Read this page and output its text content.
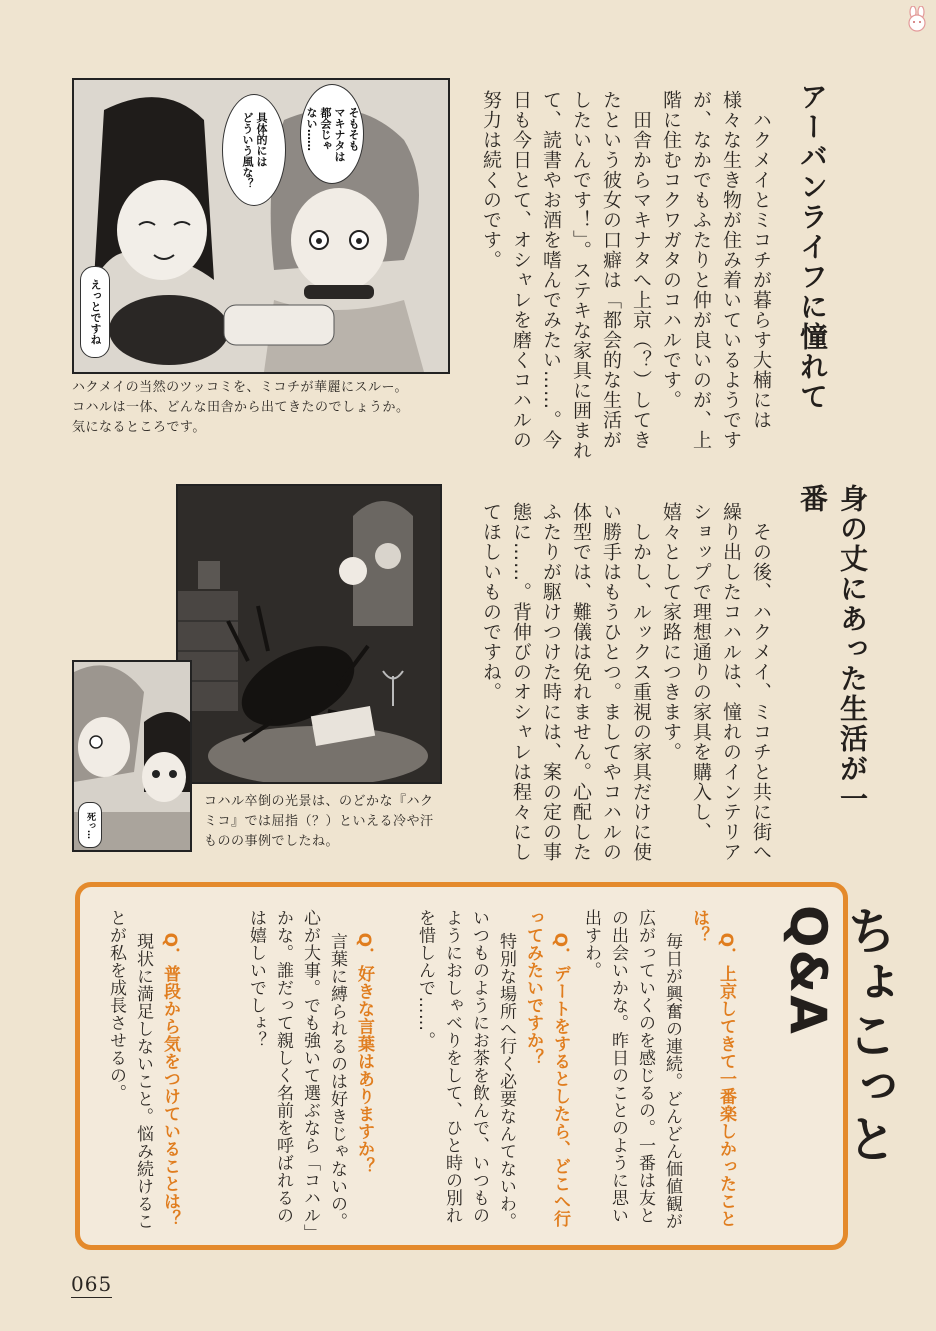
アーバンライフに憧れて
　ハクメイとミコチが暮らす大楠には様々な生き物が住み着いているようですが、なかでもふたりと仲が良いのが、上階に住むコクワガタのコハルです。
　田舎からマキナタへ上京（？）してきたという彼女の口癖は「都会的な生活がしたいんです！」。ステキな家具に囲まれて、読書やお酒を嗜んでみたい……。今日も今日とて、オシャレを磨くコハルの努力は続くのです。
そもそも
マキナタは
都会じゃ
ない……
具体的には
どういう風な？
えっとですね
ハクメイの当然のツッコミを、ミコチが華麗にスルー。
コハルは一体、どんな田舎から出てきたのでしょうか。
気になるところです。
身の丈にあった生活が一番
　その後、ハクメイ、ミコチと共に街へ繰り出したコハルは、憧れのインテリアショップで理想通りの家具を購入し、嬉々として家路につきます。
　しかし、ルックス重視の家具だけに使い勝手はもうひとつ。ましてやコハルの体型では、難儀は免れません。心配したふたりが駆けつけた時には、案の定の事態に……。背伸びのオシャレは程々にしてほしいものですね。
死っ…
コハル卒倒の光景は、のどかな『ハクミコ』では屈指（？）といえる冷や汗ものの事例でしたね。
ちょこっとQ&A

Q．上京してきて一番楽しかったことは？
毎日が興奮の連続。どんどん価値観が広がっていくのを感じるの。一番は友との出会いかな。昨日のことのように思い出すわ。

Q．デートをするとしたら、どこへ行ってみたいですか？
特別な場所へ行く必要なんてないわ。いつものようにお茶を飲んで、いつものようにおしゃべりをして、ひと時の別れを惜しんで……。

Q．好きな言葉はありますか？
言葉に縛られるのは好きじゃないの。心が大事。でも強いて選ぶなら「コハル」かな。誰だって親しく名前を呼ばれるのは嬉しいでしょ？

Q．普段から気をつけていることは？
現状に満足しないこと。悩み続けることが私を成長させるの。

065
